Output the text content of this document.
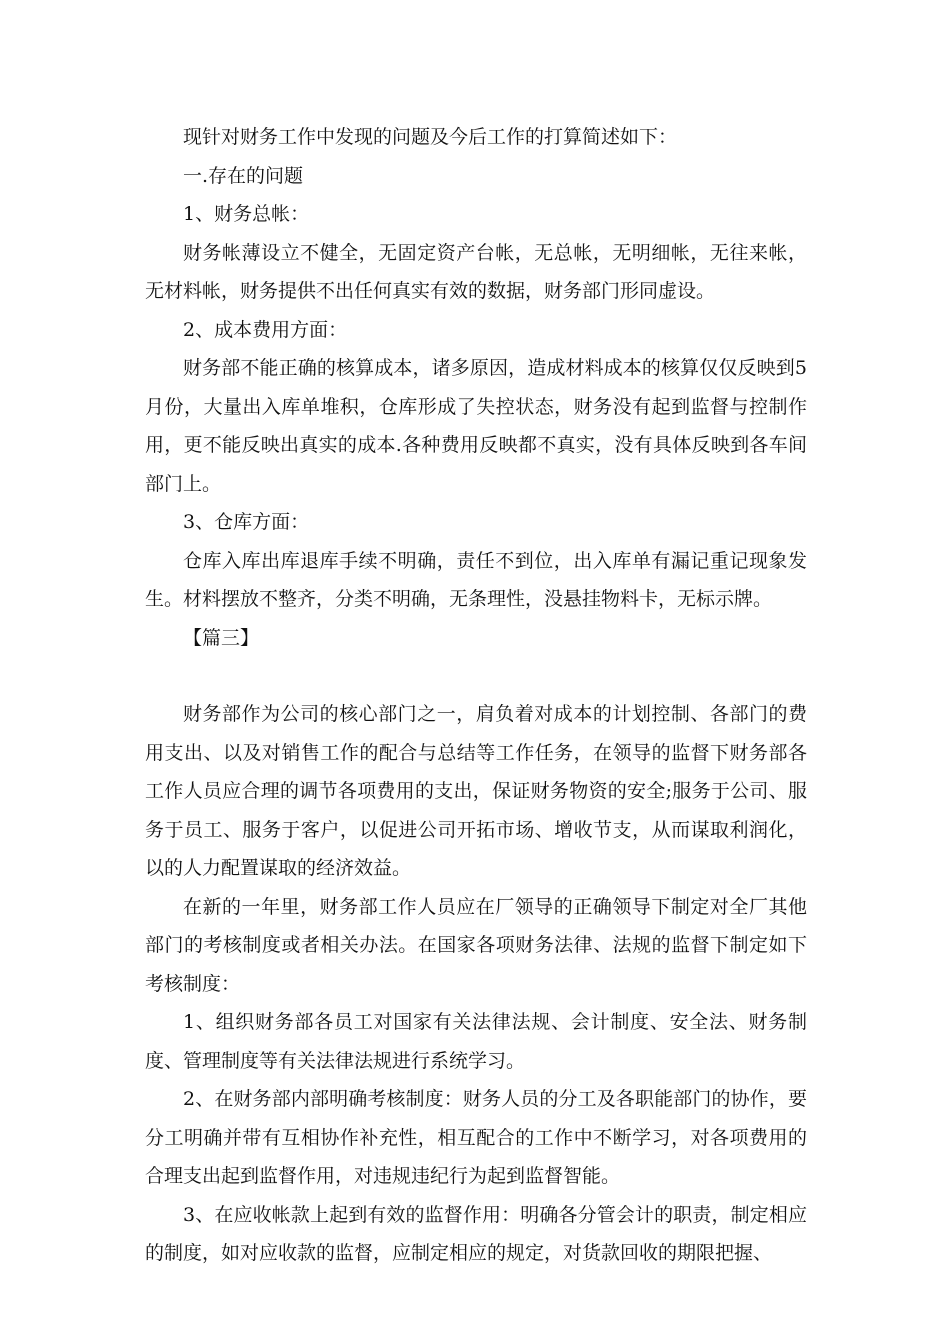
现针对财务工作中发现的问题及今后工作的打算简述如下：

一.存在的问题

1、财务总帐：

财务帐薄设立不健全，无固定资产台帐，无总帐，无明细帐，无往来帐，无材料帐，财务提供不出任何真实有效的数据，财务部门形同虚设。

2、成本费用方面：

财务部不能正确的核算成本，诸多原因，造成材料成本的核算仅仅反映到5月份，大量出入库单堆积，仓库形成了失控状态，财务没有起到监督与控制作用，更不能反映出真实的成本.各种费用反映都不真实，没有具体反映到各车间部门上。

3、仓库方面：

仓库入库出库退库手续不明确，责任不到位，出入库单有漏记重记现象发生。材料摆放不整齐，分类不明确，无条理性，没悬挂物料卡，无标示牌。

【篇三】

财务部作为公司的核心部门之一，肩负着对成本的计划控制、各部门的费用支出、以及对销售工作的配合与总结等工作任务，在领导的监督下财务部各工作人员应合理的调节各项费用的支出，保证财务物资的安全;服务于公司、服务于员工、服务于客户，以促进公司开拓市场、增收节支，从而谋取利润化，以的人力配置谋取的经济效益。

在新的一年里，财务部工作人员应在厂领导的正确领导下制定对全厂其他部门的考核制度或者相关办法。在国家各项财务法律、法规的监督下制定如下考核制度：

1、组织财务部各员工对国家有关法律法规、会计制度、安全法、财务制度、管理制度等有关法律法规进行系统学习。

2、在财务部内部明确考核制度：财务人员的分工及各职能部门的协作，要分工明确并带有互相协作补充性，相互配合的工作中不断学习，对各项费用的合理支出起到监督作用，对违规违纪行为起到监督智能。

3、在应收帐款上起到有效的监督作用：明确各分管会计的职责，制定相应的制度，如对应收款的监督，应制定相应的规定，对货款回收的期限把握、
